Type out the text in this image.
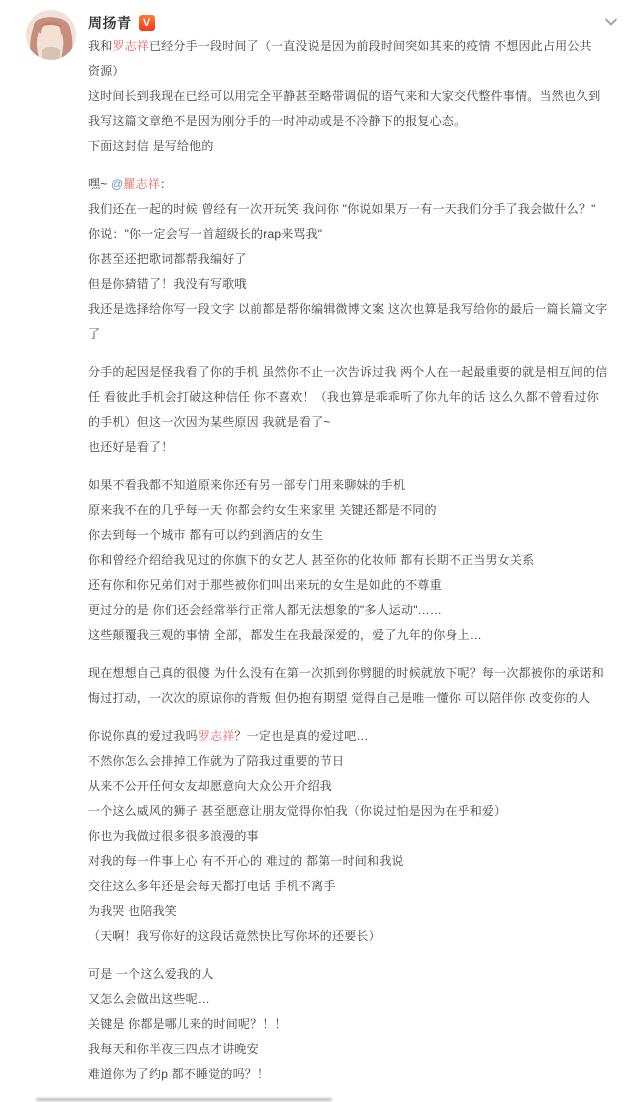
周扬青 V
我和罗志祥已经分手一段时间了（一直没说是因为前段时间突如其来的疫情 不想因此占用公共
资源）
这时间长到我现在已经可以用完全平静甚至略带调侃的语气来和大家交代整件事情。当然也久到
我写这篇文章绝不是因为刚分手的一时冲动或是不冷静下的报复心态。
下面这封信 是写给他的
嘿~ @羅志祥：
我们还在一起的时候 曾经有一次开玩笑 我问你 "你说如果万一有一天我们分手了我会做什么？"
你说："你一定会写一首超级长的rap来骂我"
你甚至还把歌词都帮我编好了
但是你猜错了！我没有写歌哦
我还是选择给你写一段文字 以前都是帮你编辑微博文案 这次也算是我写给你的最后一篇长篇文字
了
分手的起因是怪我看了你的手机 虽然你不止一次告诉过我 两个人在一起最重要的就是相互间的信
任 看彼此手机会打破这种信任 你不喜欢！（我也算是乖乖听了你九年的话 这么久都不曾看过你
的手机）但这一次因为某些原因 我就是看了~
也还好是看了！
如果不看我都不知道原来你还有另一部专门用来聊妹的手机
原来我不在的几乎每一天 你都会约女生来家里 关键还都是不同的
你去到每一个城市 都有可以约到酒店的女生
你和曾经介绍给我见过的你旗下的女艺人 甚至你的化妆师 都有长期不正当男女关系
还有你和你兄弟们对于那些被你们叫出来玩的女生是如此的不尊重
更过分的是 你们还会经常举行正常人都无法想象的"多人运动"……
这些颠覆我三观的事情 全部，都发生在我最深爱的，爱了九年的你身上…
现在想想自己真的很傻 为什么没有在第一次抓到你劈腿的时候就放下呢？每一次都被你的承诺和
悔过打动，一次次的原谅你的背叛 但仍抱有期望 觉得自己是唯一懂你 可以陪伴你 改变你的人
你说你真的爱过我吗罗志祥？一定也是真的爱过吧…
不然你怎么会排掉工作就为了陪我过重要的节日
从来不公开任何女友却愿意向大众公开介绍我
一个这么威风的狮子 甚至愿意让朋友觉得你怕我（你说过怕是因为在乎和爱）
你也为我做过很多很多浪漫的事
对我的每一件事上心 有不开心的 难过的 都第一时间和我说
交往这么多年还是会每天都打电话 手机不离手
为我哭 也陪我笑
（天啊！我写你好的这段话竟然快比写你坏的还要长）
可是 一个这么爱我的人
又怎么会做出这些呢…
关键是 你都是哪儿来的时间呢？！！
我每天和你半夜三四点才讲晚安
难道你为了约p 都不睡觉的吗？！
